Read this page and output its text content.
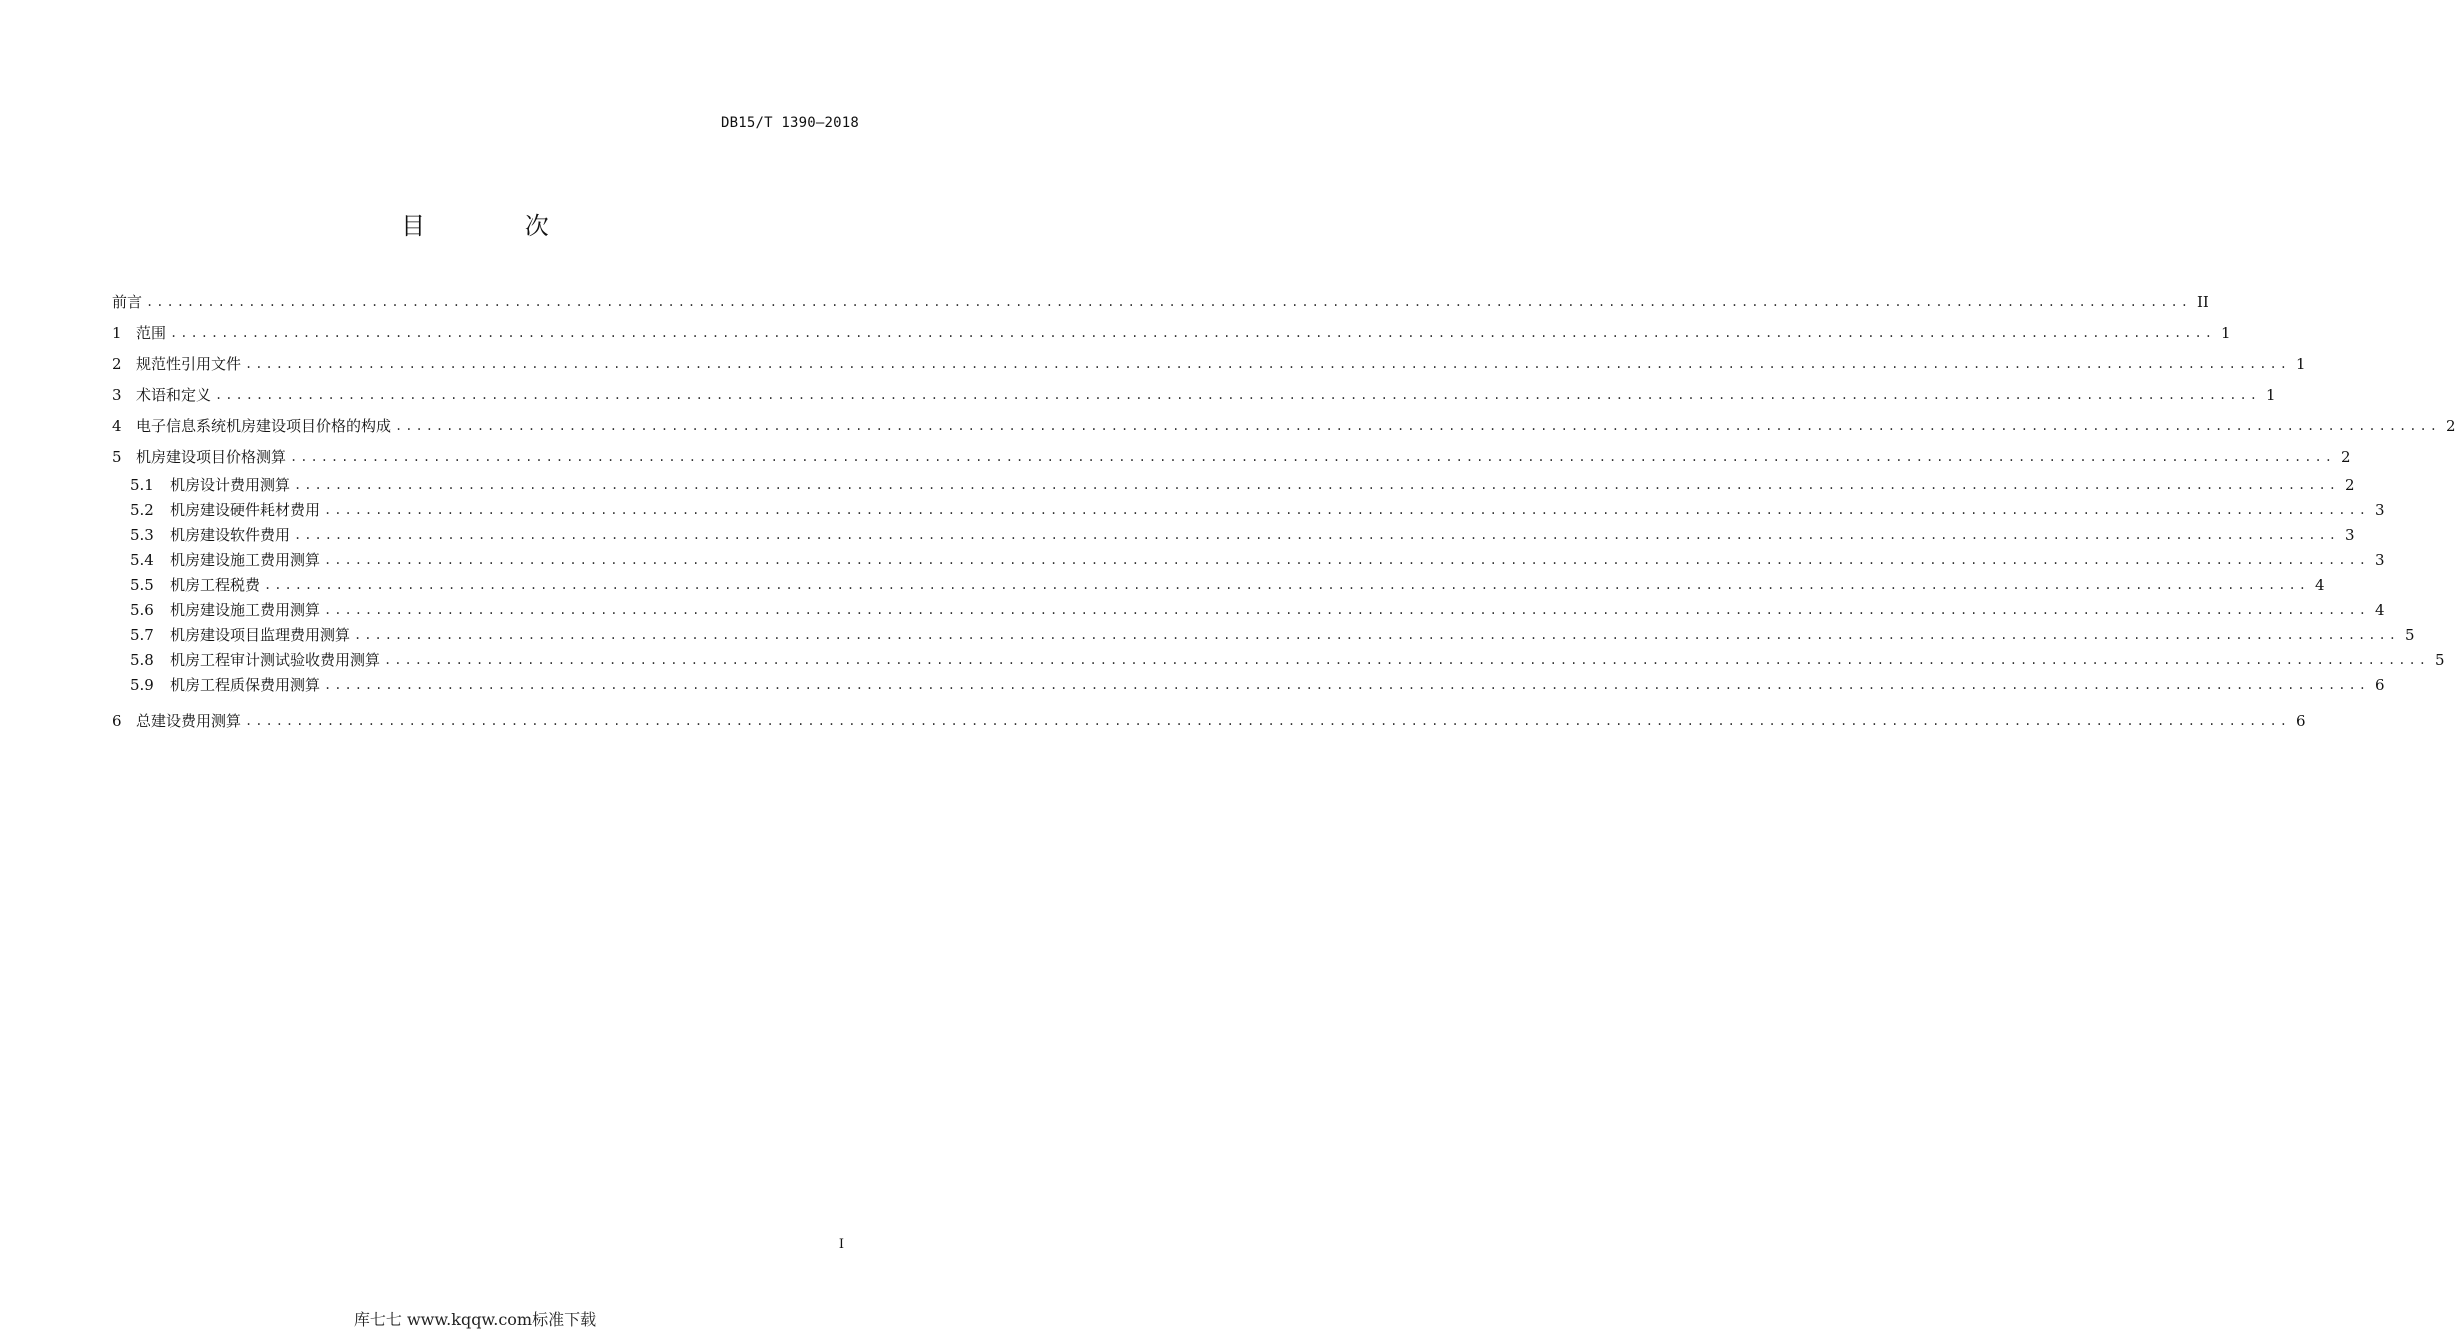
DB15/T 1390—2018
目 次
前言 ........................................................................................................................................................................................................ II
1 范围 ........................................................................................................................................................................................................ 1
2 规范性引用文件 ........................................................................................................................................................................................................ 1
3 术语和定义 ........................................................................................................................................................................................................ 1
4 电子信息系统机房建设项目价格的构成 ........................................................................................................................................................................................................ 2
5 机房建设项目价格测算 ........................................................................................................................................................................................................ 2
5.1 机房设计费用测算 ........................................................................................................................................................................................................ 2
5.2 机房建设硬件耗材费用 ........................................................................................................................................................................................................ 3
5.3 机房建设软件费用 ........................................................................................................................................................................................................ 3
5.4 机房建设施工费用测算 ........................................................................................................................................................................................................ 3
5.5 机房工程税费 ........................................................................................................................................................................................................ 4
5.6 机房建设施工费用测算 ........................................................................................................................................................................................................ 4
5.7 机房建设项目监理费用测算 ........................................................................................................................................................................................................ 5
5.8 机房工程审计测试验收费用测算 ........................................................................................................................................................................................................ 5
5.9 机房工程质保费用测算 ........................................................................................................................................................................................................ 6
6 总建设费用测算 ........................................................................................................................................................................................................ 6
I
库七七 www.kqqw.com标准下载
